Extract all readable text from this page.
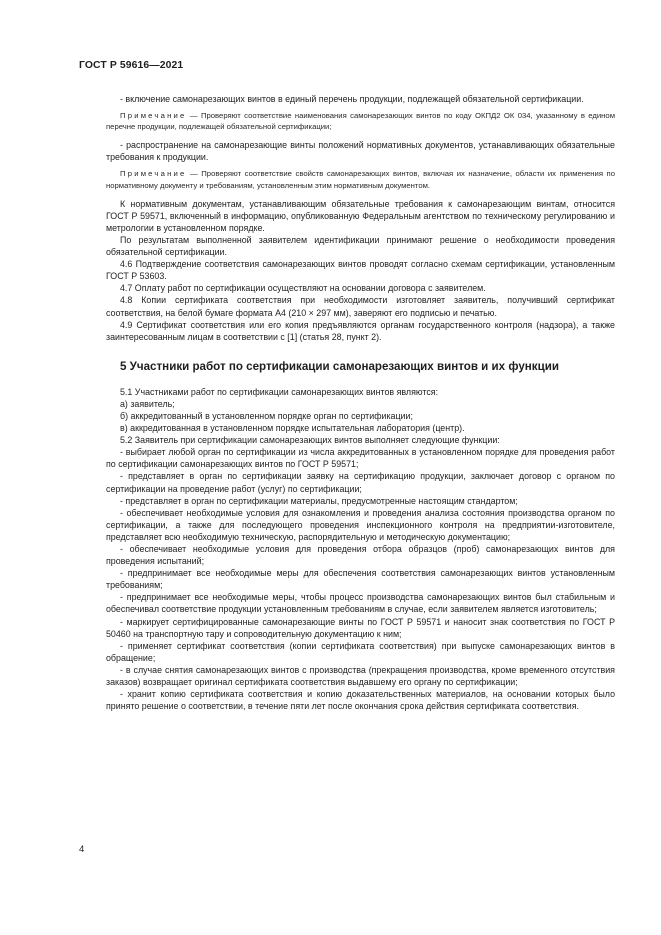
ГОСТ Р 59616—2021

- включение самонарезающих винтов в единый перечень продукции, подлежащей обязательной сертификации.

Примечание — Проверяют соответствие наименования самонарезающих винтов по коду ОКПД2 ОК 034, указанному в едином перечне продукции, подлежащей обязательной сертификации;

- распространение на самонарезающие винты положений нормативных документов, устанавливающих обязательные требования к продукции.

Примечание — Проверяют соответствие свойств самонарезающих винтов, включая их назначение, области их применения по нормативному документу и требованиям, установленным этим нормативным документом.

К нормативным документам, устанавливающим обязательные требования к самонарезающим винтам, относится ГОСТ Р 59571, включенный в информацию, опубликованную Федеральным агентством по техническому регулированию и метрологии в установленном порядке.

По результатам выполненной заявителем идентификации принимают решение о необходимости проведения обязательной сертификации.

4.6 Подтверждение соответствия самонарезающих винтов проводят согласно схемам сертификации, установленным ГОСТ Р 53603.

4.7 Оплату работ по сертификации осуществляют на основании договора с заявителем.

4.8 Копии сертификата соответствия при необходимости изготовляет заявитель, получивший сертификат соответствия, на белой бумаге формата А4 (210 × 297 мм), заверяют его подписью и печатью.

4.9 Сертификат соответствия или его копия предъявляются органам государственного контроля (надзора), а также заинтересованным лицам в соответствии с [1] (статья 28, пункт 2).

5 Участники работ по сертификации самонарезающих винтов и их функции

5.1 Участниками работ по сертификации самонарезающих винтов являются:

а) заявитель;

б) аккредитованный в установленном порядке орган по сертификации;

в) аккредитованная в установленном порядке испытательная лаборатория (центр).

5.2 Заявитель при сертификации самонарезающих винтов выполняет следующие функции:

- выбирает любой орган по сертификации из числа аккредитованных в установленном порядке для проведения работ по сертификации самонарезающих винтов по ГОСТ Р 59571;

- представляет в орган по сертификации заявку на сертификацию продукции, заключает договор с органом по сертификации на проведение работ (услуг) по сертификации;

- представляет в орган по сертификации материалы, предусмотренные настоящим стандартом;

- обеспечивает необходимые условия для ознакомления и проведения анализа состояния производства органом по сертификации, а также для последующего проведения инспекционного контроля на предприятии-изготовителе, представляет всю необходимую техническую, распорядительную и методическую документацию;

- обеспечивает необходимые условия для проведения отбора образцов (проб) самонарезающих винтов для проведения испытаний;

- предпринимает все необходимые меры для обеспечения соответствия самонарезающих винтов установленным требованиям;

- предпринимает все необходимые меры, чтобы процесс производства самонарезающих винтов был стабильным и обеспечивал соответствие продукции установленным требованиям в случае, если заявителем является изготовитель;

- маркирует сертифицированные самонарезающие винты по ГОСТ Р 59571 и наносит знак соответствия по ГОСТ Р 50460 на транспортную тару и сопроводительную документацию к ним;

- применяет сертификат соответствия (копии сертификата соответствия) при выпуске самонарезающих винтов в обращение;

- в случае снятия самонарезающих винтов с производства (прекращения производства, кроме временного отсутствия заказов) возвращает оригинал сертификата соответствия выдавшему его органу по сертификации;

- хранит копию сертификата соответствия и копию доказательственных материалов, на основании которых было принято решение о соответствии, в течение пяти лет после окончания срока действия сертификата соответствия.

4
